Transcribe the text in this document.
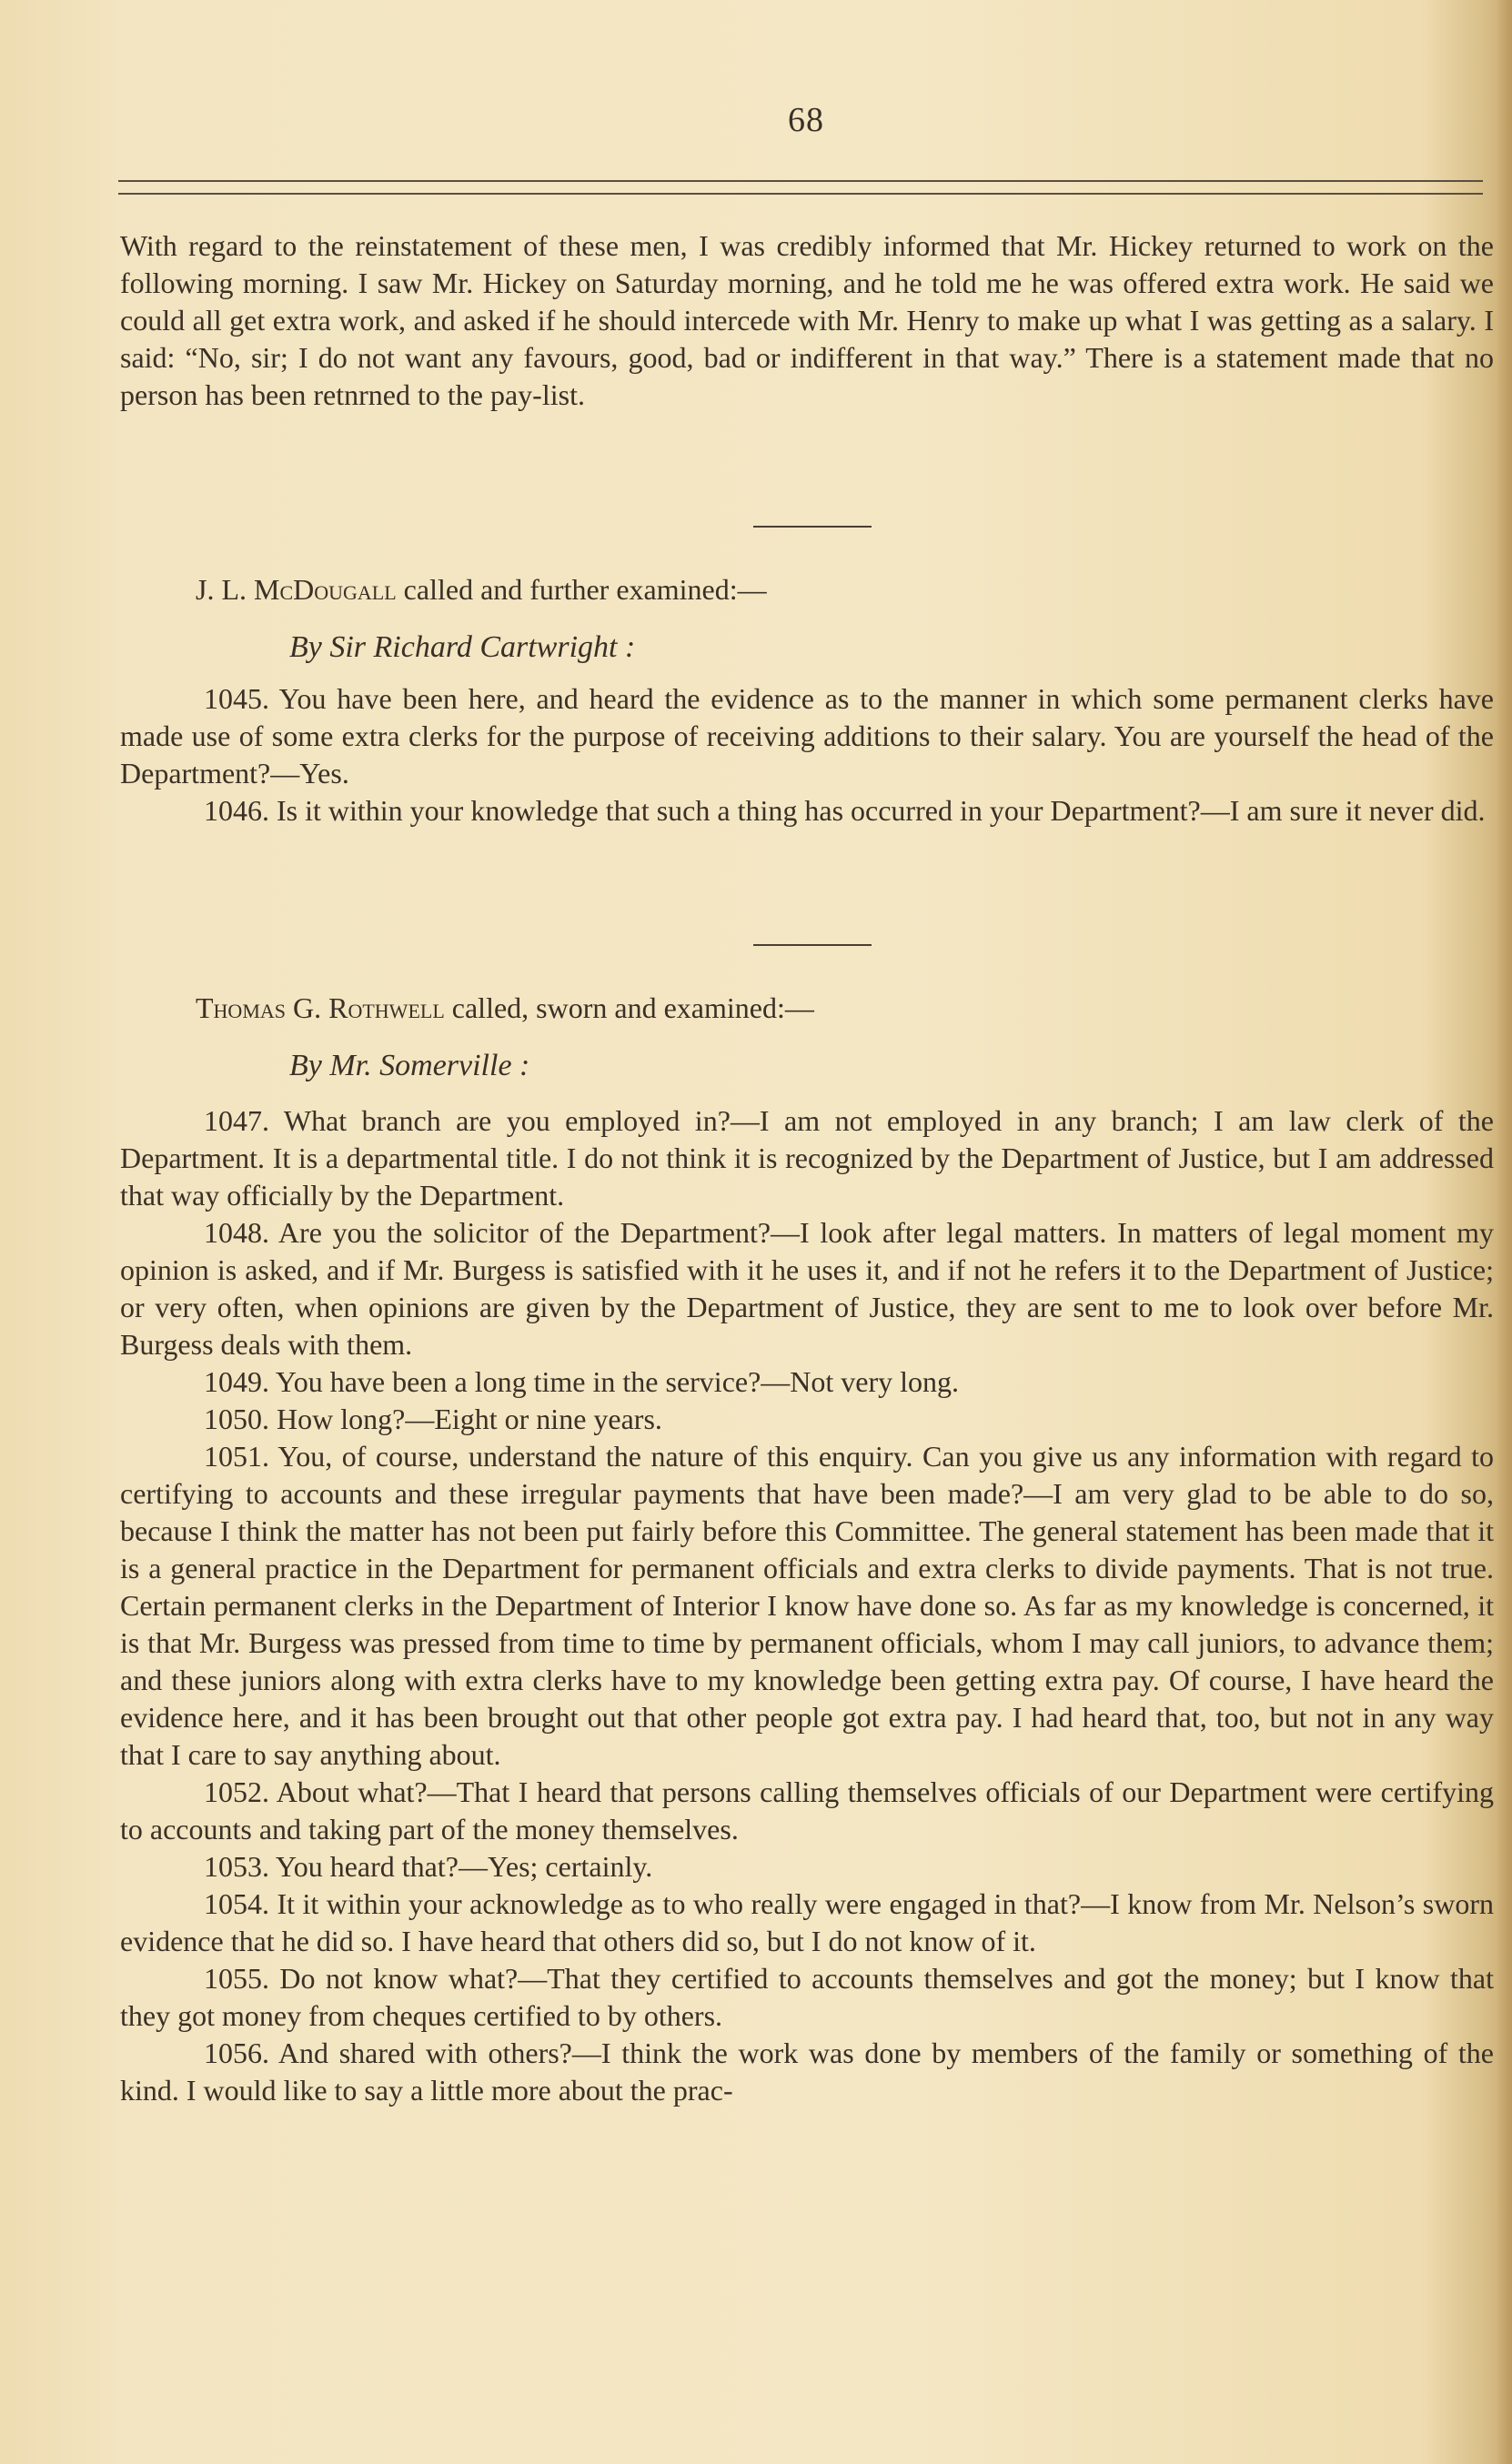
68

With regard to the reinstatement of these men, I was credibly informed that Mr. Hickey returned to work on the following morning. I saw Mr. Hickey on Saturday morning, and he told me he was offered extra work. He said we could all get extra work, and asked if he should intercede with Mr. Henry to make up what I was getting as a salary. I said: “No, sir; I do not want any favours, good, bad or indifferent in that way.” There is a statement made that no person has been retnrned to the pay-list.

J. L. McDougall called and further examined:—
By Sir Richard Cartwright :

1045. You have been here, and heard the evidence as to the manner in which some permanent clerks have made use of some extra clerks for the purpose of receiving additions to their salary. You are yourself the head of the Department?—Yes.

1046. Is it within your knowledge that such a thing has occurred in your Department?—I am sure it never did.

Thomas G. Rothwell called, sworn and examined:—
By Mr. Somerville :

1047. What branch are you employed in?—I am not employed in any branch; I am law clerk of the Department. It is a departmental title. I do not think it is recognized by the Department of Justice, but I am addressed that way officially by the Department.

1048. Are you the solicitor of the Department?—I look after legal matters. In matters of legal moment my opinion is asked, and if Mr. Burgess is satisfied with it he uses it, and if not he refers it to the Department of Justice; or very often, when opinions are given by the Department of Justice, they are sent to me to look over before Mr. Burgess deals with them.

1049. You have been a long time in the service?—Not very long.

1050. How long?—Eight or nine years.

1051. You, of course, understand the nature of this enquiry. Can you give us any information with regard to certifying to accounts and these irregular payments that have been made?—I am very glad to be able to do so, because I think the matter has not been put fairly before this Committee. The general statement has been made that it is a general practice in the Department for permanent officials and extra clerks to divide payments. That is not true. Certain permanent clerks in the Department of Interior I know have done so. As far as my knowledge is concerned, it is that Mr. Burgess was pressed from time to time by permanent officials, whom I may call juniors, to advance them; and these juniors along with extra clerks have to my knowledge been getting extra pay. Of course, I have heard the evidence here, and it has been brought out that other people got extra pay. I had heard that, too, but not in any way that I care to say anything about.

1052. About what?—That I heard that persons calling themselves officials of our Department were certifying to accounts and taking part of the money themselves.

1053. You heard that?—Yes; certainly.

1054. It it within your acknowledge as to who really were engaged in that?—I know from Mr. Nelson’s sworn evidence that he did so. I have heard that others did so, but I do not know of it.

1055. Do not know what?—That they certified to accounts themselves and got the money; but I know that they got money from cheques certified to by others.

1056. And shared with others?—I think the work was done by members of the family or something of the kind. I would like to say a little more about the prac-
